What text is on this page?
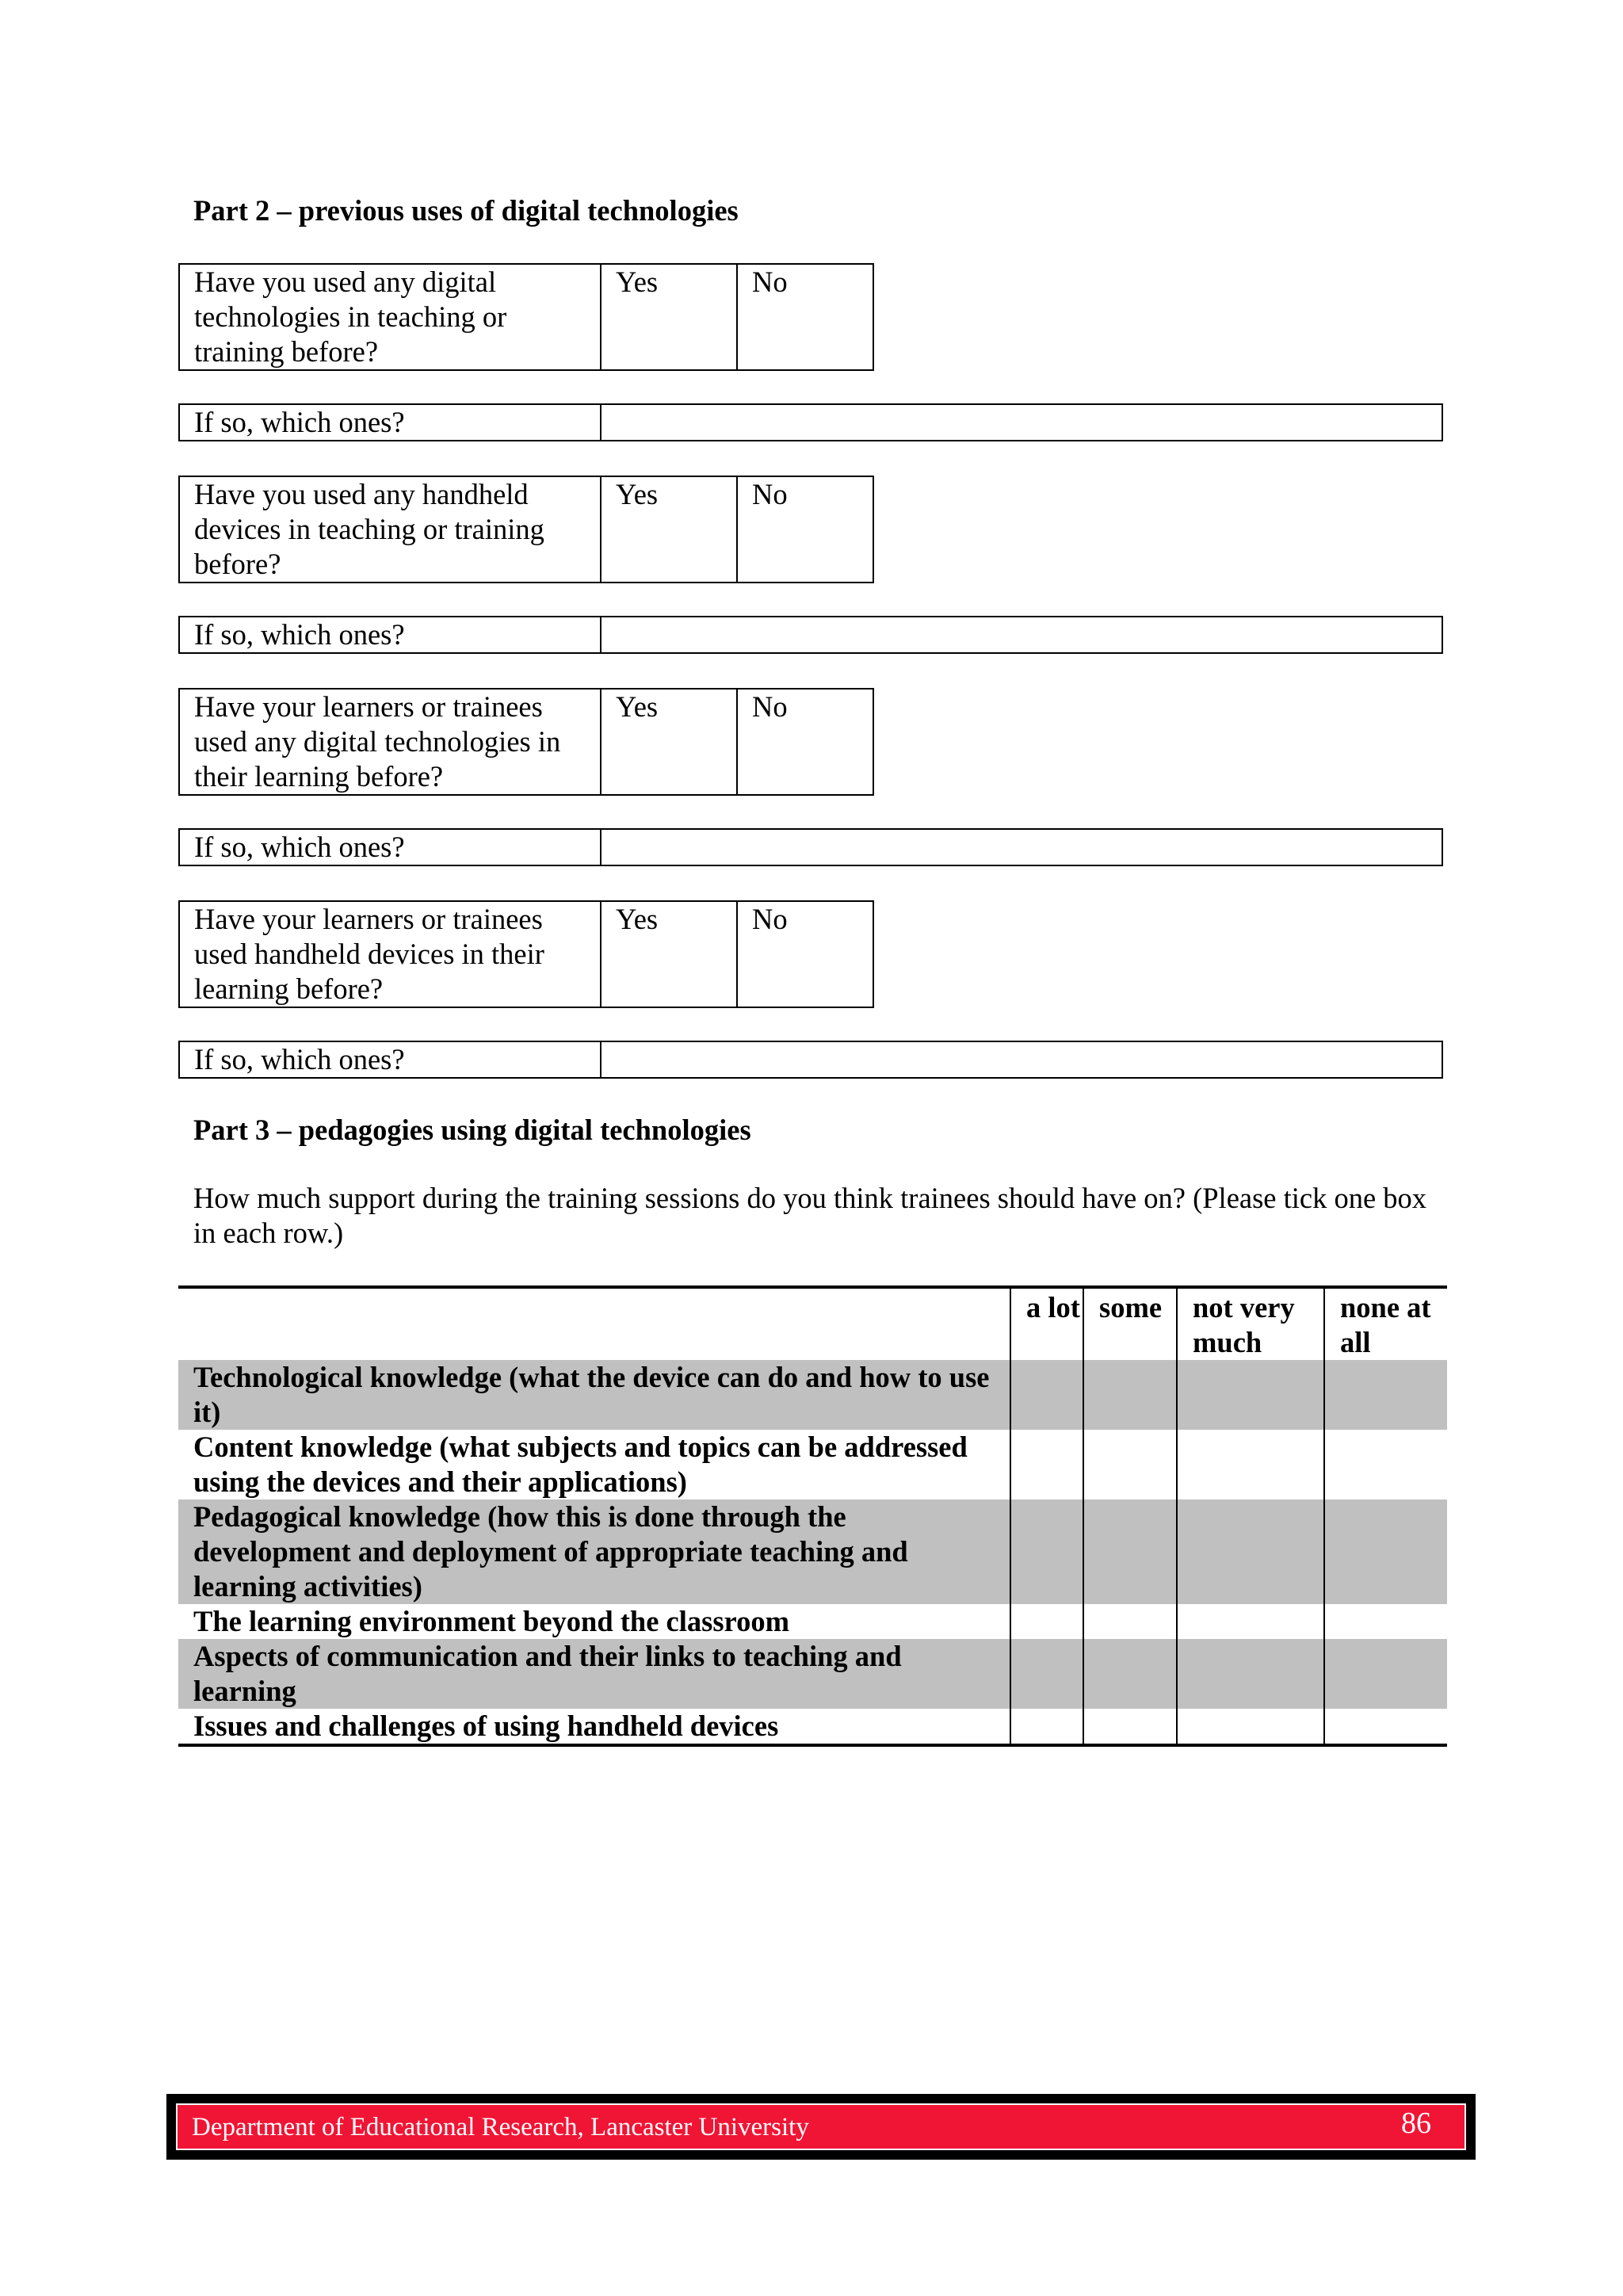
Part 2 – previous uses of digital technologies
Have you used any digital technologies in teaching or training before?	Yes	No
If so, which ones?	
Have you used any handheld devices in teaching or training before?	Yes	No
If so, which ones?	
Have your learners or trainees used any digital technologies in their learning before?	Yes	No
If so, which ones?	
Have your learners or trainees used handheld devices in their learning before?	Yes	No
If so, which ones?	
Part 3 – pedagogies using digital technologies
How much support during the training sessions do you think trainees should have on? (Please tick one box in each row.)
	a lot	some	not very much	none at all
Technological knowledge (what the device can do and how to use it)				
Content knowledge (what subjects and topics can be addressed using the devices and their applications)				
Pedagogical knowledge (how this is done through the development and deployment of appropriate teaching and learning activities)				
The learning environment beyond the classroom				
Aspects of communication and their links to teaching and learning				
Issues and challenges of using handheld devices				
Department of Educational Research, Lancaster University	86
